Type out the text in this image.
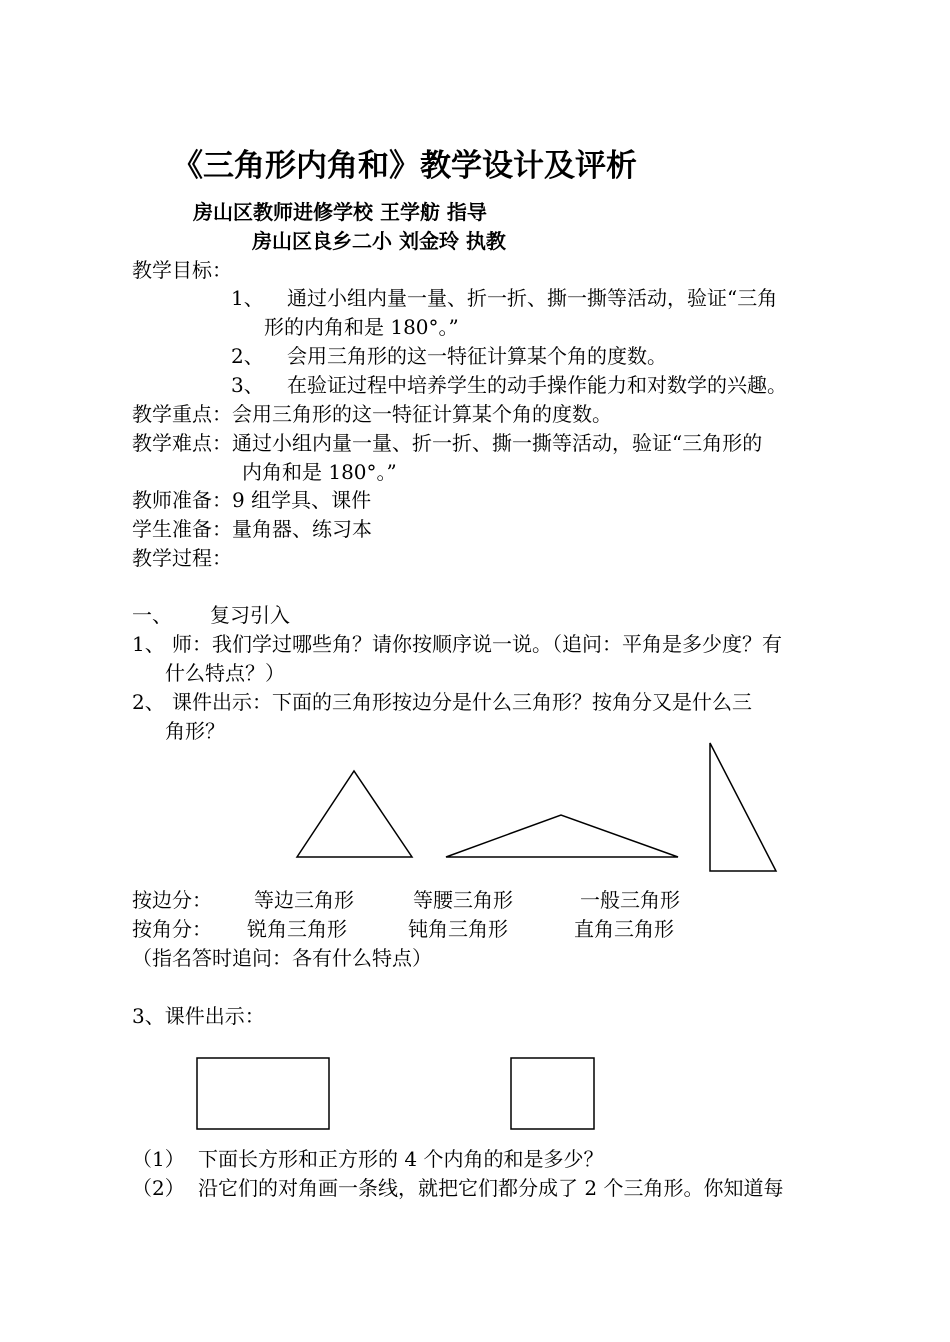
《三角形内角和》教学设计及评析
房山区教师进修学校 王学舫 指导
房山区良乡二小 刘金玲 执教
教学目标：
1、 通过小组内量一量、折一折、撕一撕等活动，验证“三角
形的内角和是 180°。”
2、 会用三角形的这一特征计算某个角的度数。
3、 在验证过程中培养学生的动手操作能力和对数学的兴趣。
教学重点：会用三角形的这一特征计算某个角的度数。
教学难点：通过小组内量一量、折一折、撕一撕等活动，验证“三角形的
内角和是 180°。”
教师准备：9 组学具、课件
学生准备：量角器、练习本
教学过程：
一、 复习引入
1、 师：我们学过哪些角？请你按顺序说一说。（追问：平角是多少度？有
什么特点？）
2、 课件出示：下面的三角形按边分是什么三角形？按角分又是什么三
角形？
按边分： 等边三角形	等腰三角形	一般三角形
按角分： 锐角三角形	钝角三角形	直角三角形
（指名答时追问：各有什么特点）
3、课件出示：
（1） 下面长方形和正方形的 4 个内角的和是多少？
（2） 沿它们的对角画一条线，就把它们都分成了 2 个三角形。你知道每
